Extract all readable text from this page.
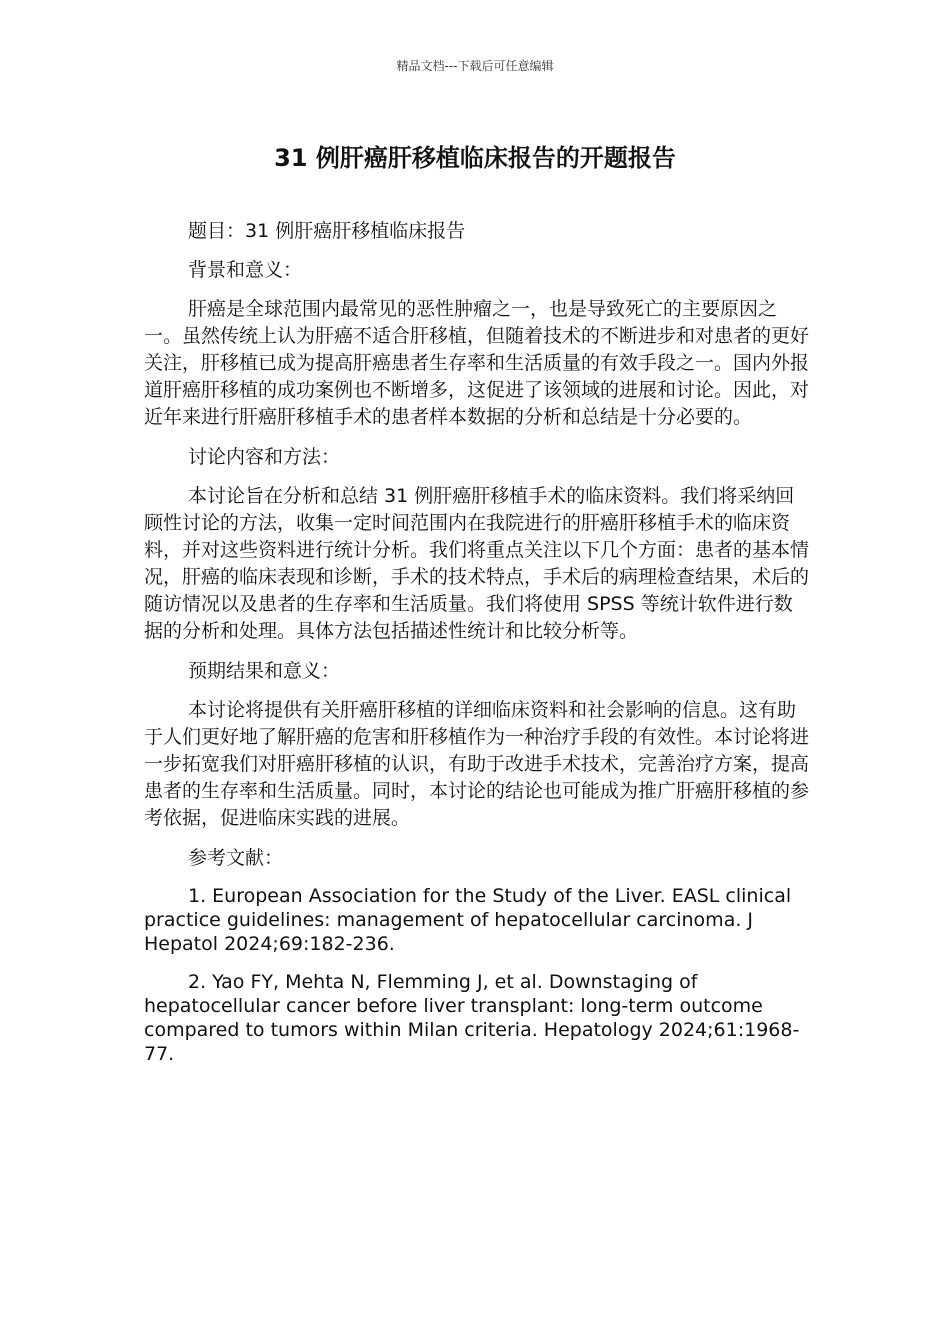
精品文档---下载后可任意编辑
31 例肝癌肝移植临床报告的开题报告

题目：31 例肝癌肝移植临床报告

背景和意义：

肝癌是全球范围内最常见的恶性肿瘤之一，也是导致死亡的主要原因之一。虽然传统上认为肝癌不适合肝移植，但随着技术的不断进步和对患者的更好关注，肝移植已成为提高肝癌患者生存率和生活质量的有效手段之一。国内外报道肝癌肝移植的成功案例也不断增多，这促进了该领域的进展和讨论。因此，对近年来进行肝癌肝移植手术的患者样本数据的分析和总结是十分必要的。

讨论内容和方法：

本讨论旨在分析和总结 31 例肝癌肝移植手术的临床资料。我们将采纳回顾性讨论的方法，收集一定时间范围内在我院进行的肝癌肝移植手术的临床资料，并对这些资料进行统计分析。我们将重点关注以下几个方面：患者的基本情况，肝癌的临床表现和诊断，手术的技术特点，手术后的病理检查结果，术后的随访情况以及患者的生存率和生活质量。我们将使用 SPSS 等统计软件进行数据的分析和处理。具体方法包括描述性统计和比较分析等。

预期结果和意义：

本讨论将提供有关肝癌肝移植的详细临床资料和社会影响的信息。这有助于人们更好地了解肝癌的危害和肝移植作为一种治疗手段的有效性。本讨论将进一步拓宽我们对肝癌肝移植的认识，有助于改进手术技术，完善治疗方案，提高患者的生存率和生活质量。同时，本讨论的结论也可能成为推广肝癌肝移植的参考依据，促进临床实践的进展。

参考文献：

1. European Association for the Study of the Liver. EASL clinical practice guidelines: management of hepatocellular carcinoma. J Hepatol 2024;69:182-236.

2. Yao FY, Mehta N, Flemming J, et al. Downstaging of hepatocellular cancer before liver transplant: long-term outcome compared to tumors within Milan criteria. Hepatology 2024;61:1968-77.
